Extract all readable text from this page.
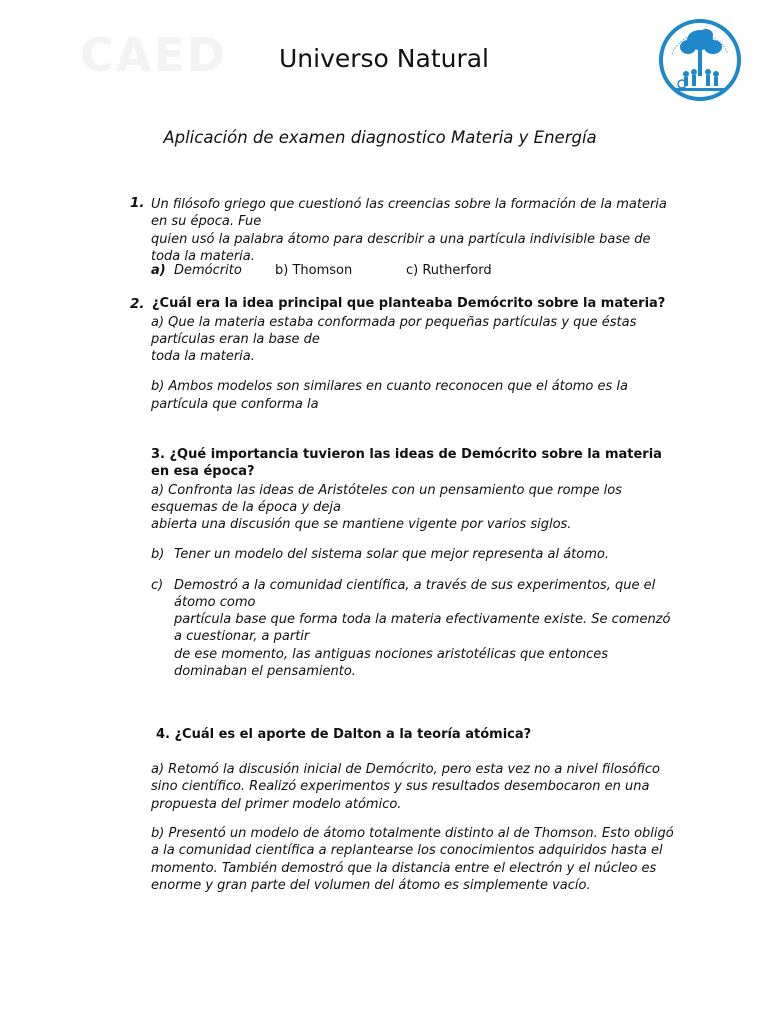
CAED	Universo Natural
Aplicación de examen diagnostico Materia y Energía
1. Un filósofo griego que cuestionó las creencias sobre la formación de la materia
en su época. Fue
quien usó la palabra átomo para describir a una partícula indivisible base de
toda la materia.
a) Demócrito	b) Thomson	c) Rutherford
2. ¿Cuál era la idea principal que planteaba Demócrito sobre la materia?
a) Que la materia estaba conformada por pequeñas partículas y que éstas
partículas eran la base de
toda la materia.
b) Ambos modelos son similares en cuanto reconocen que el átomo es la
partícula que conforma la
3. ¿Qué importancia tuvieron las ideas de Demócrito sobre la materia
en esa época?
a) Confronta las ideas de Aristóteles con un pensamiento que rompe los
esquemas de la época y deja
abierta una discusión que se mantiene vigente por varios siglos.
b) Tener un modelo del sistema solar que mejor representa al átomo.
c) Demostró a la comunidad científica, a través de sus experimentos, que el
átomo como
partícula base que forma toda la materia efectivamente existe. Se comenzó
a cuestionar, a partir
de ese momento, las antiguas nociones aristotélicas que entonces
dominaban el pensamiento.
4. ¿Cuál es el aporte de Dalton a la teoría atómica?
a) Retomó la discusión inicial de Demócrito, pero esta vez no a nivel filosófico
sino científico. Realizó experimentos y sus resultados desembocaron en una
propuesta del primer modelo atómico.
b) Presentó un modelo de átomo totalmente distinto al de Thomson. Esto obligó
a la comunidad científica a replantearse los conocimientos adquiridos hasta el
momento. También demostró que la distancia entre el electrón y el núcleo es
enorme y gran parte del volumen del átomo es simplemente vacío.
